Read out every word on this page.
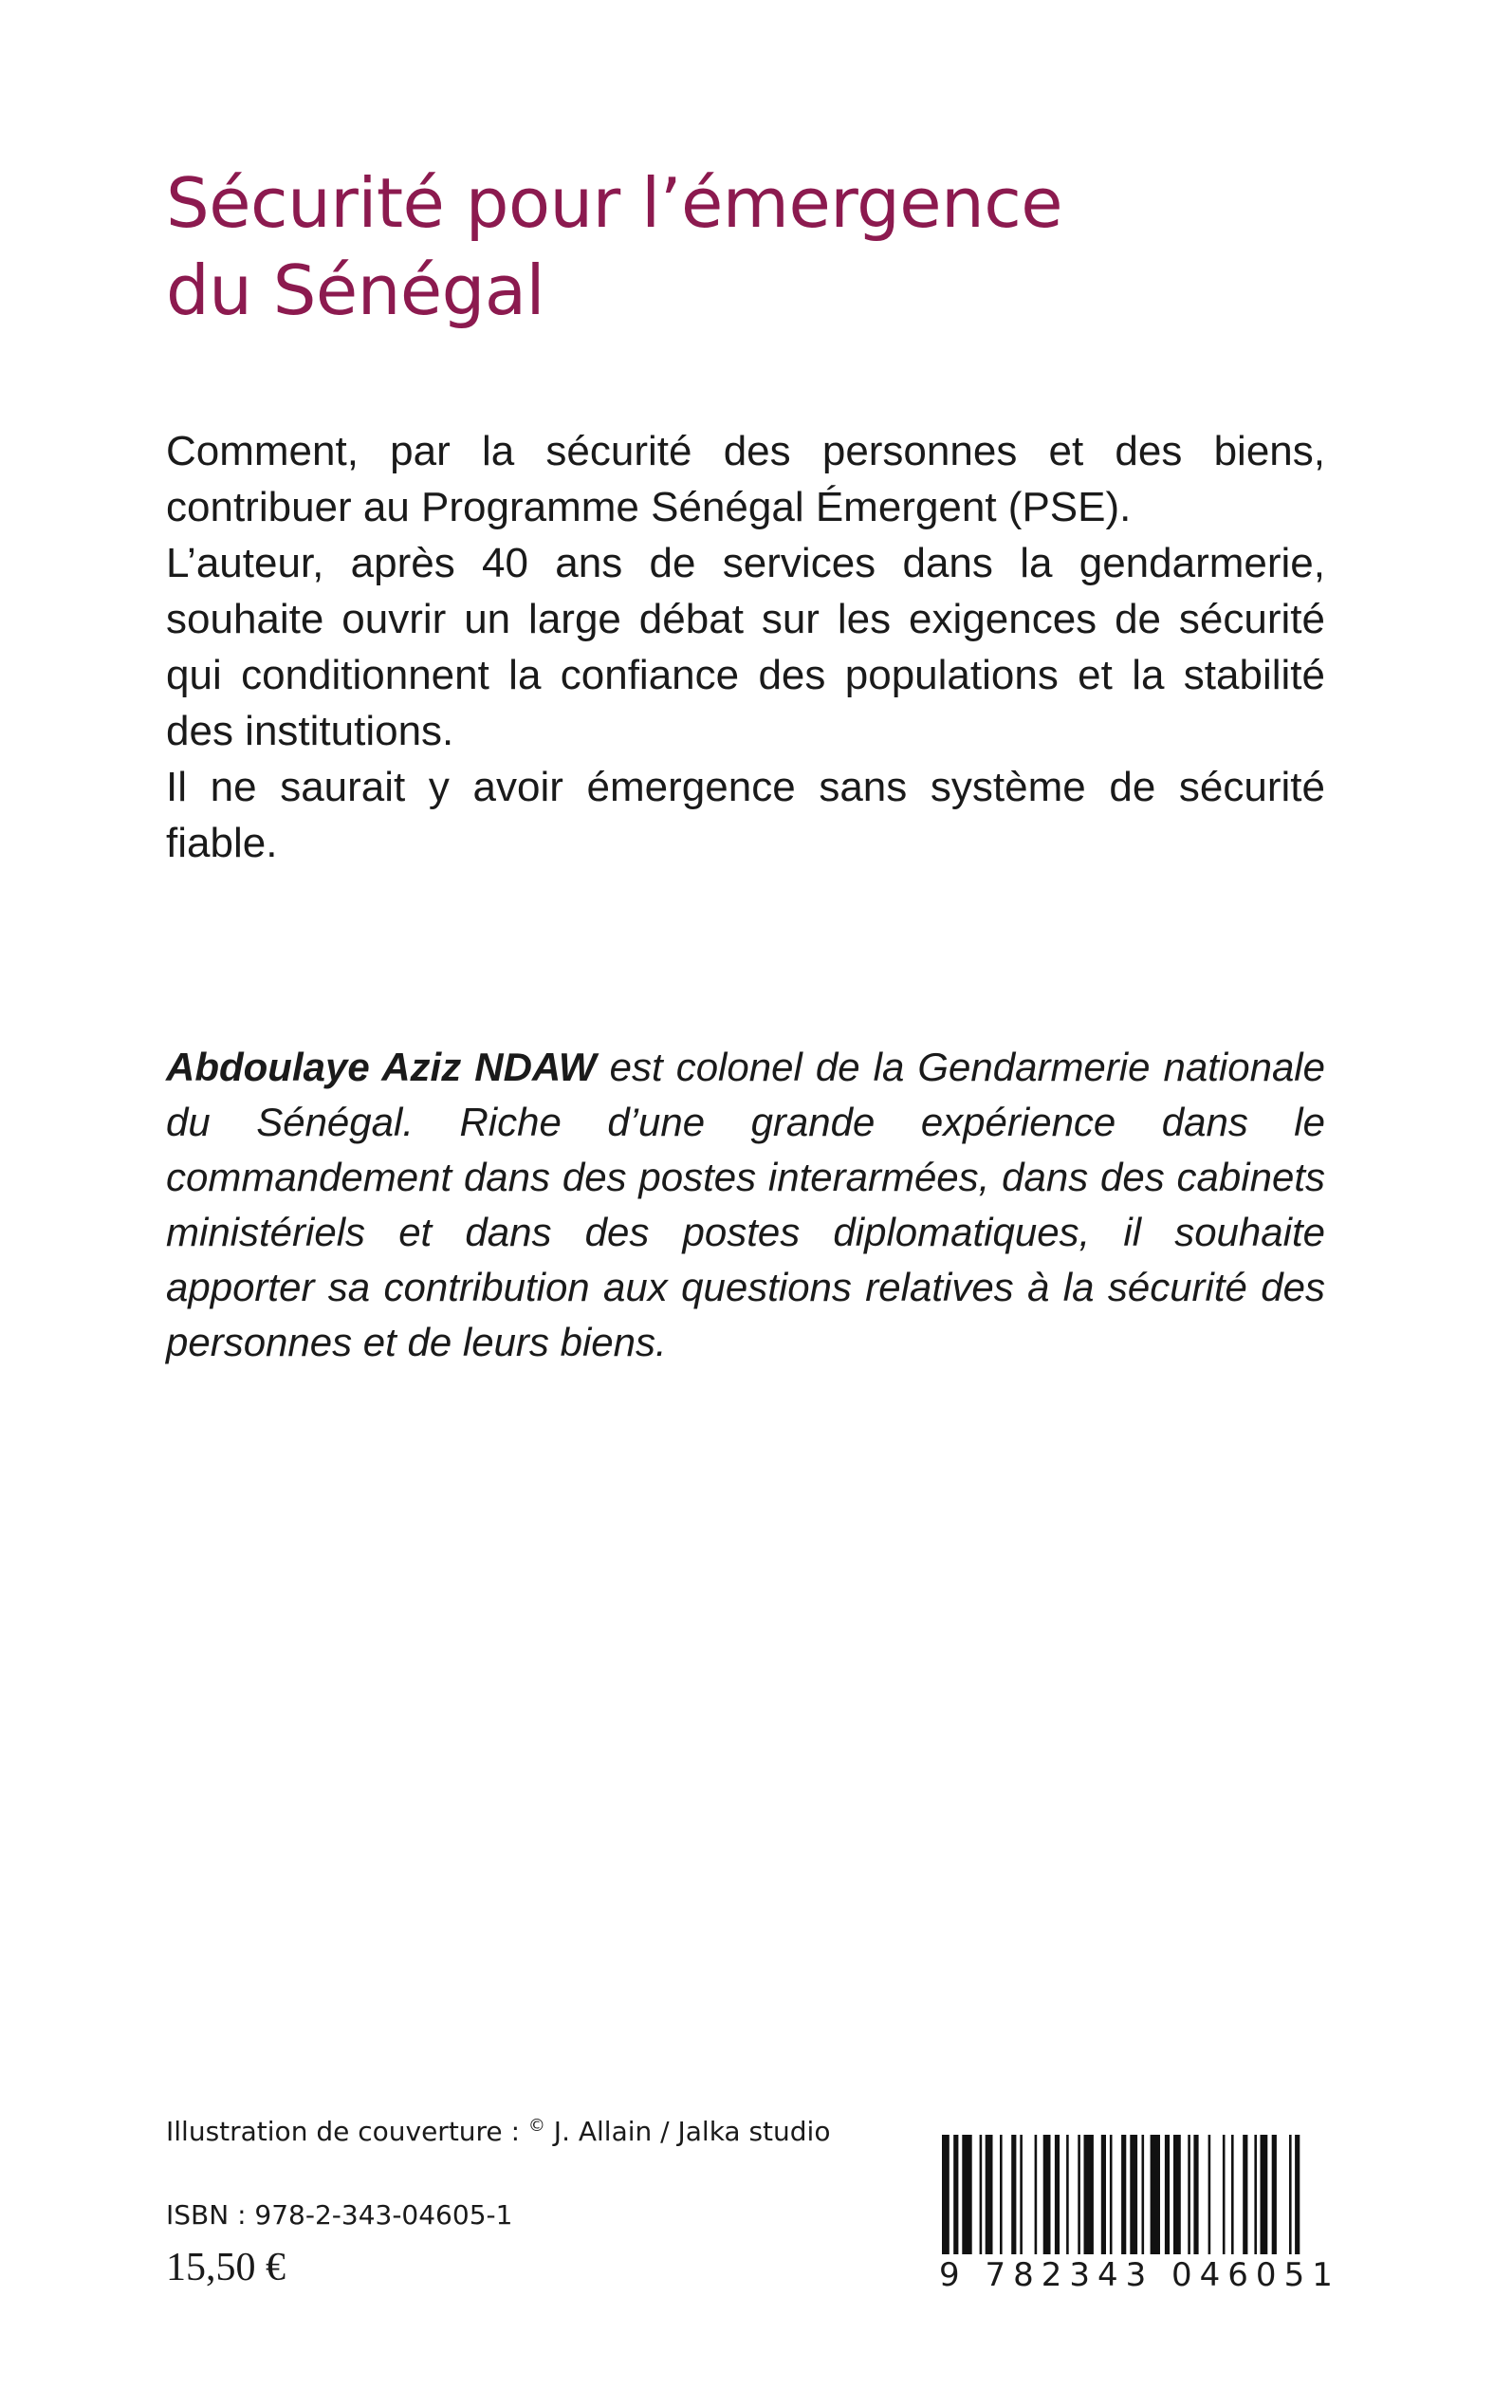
Sécurité pour l’émergence
du Sénégal

Comment, par la sécurité des personnes et des biens, contribuer au Programme Sénégal Émergent (PSE).

L’auteur, après 40 ans de services dans la gendarmerie, souhaite ouvrir un large débat sur les exigences de sécurité qui conditionnent la confiance des populations et la stabilité des institutions.

Il ne saurait y avoir émergence sans système de sécurité fiable.

Abdoulaye Aziz NDAW est colonel de la Gendarmerie nationale du Sénégal. Riche d’une grande expérience dans le commandement dans des postes interarmées, dans des cabinets ministériels et dans des postes diplomatiques, il souhaite apporter sa contribution aux questions relatives à la sécurité des personnes et de leurs biens.
Illustration de couverture : © J. Allain / Jalka studio
ISBN : 978-2-343-04605-1
15,50 €	9 782343 046051
